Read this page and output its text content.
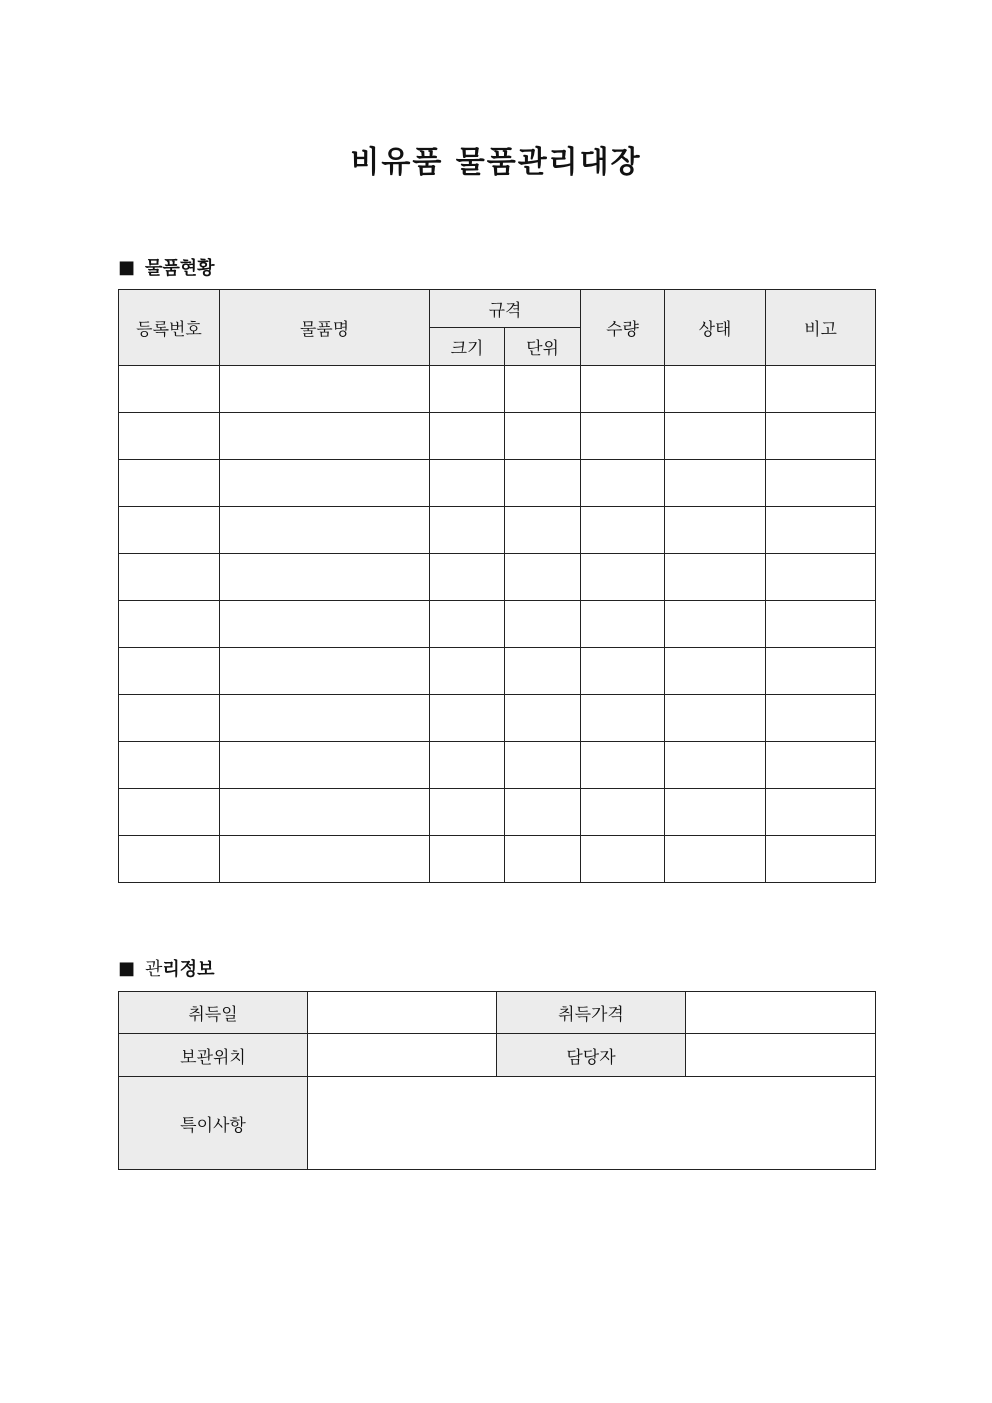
비유품 물품관리대장
■ 물품현황
등록번호	물품명	규격		수량	상태	비고
		크기	단위			

■ 관리정보
취득일		취득가격	
보관위치		담당자	
특이사항			
